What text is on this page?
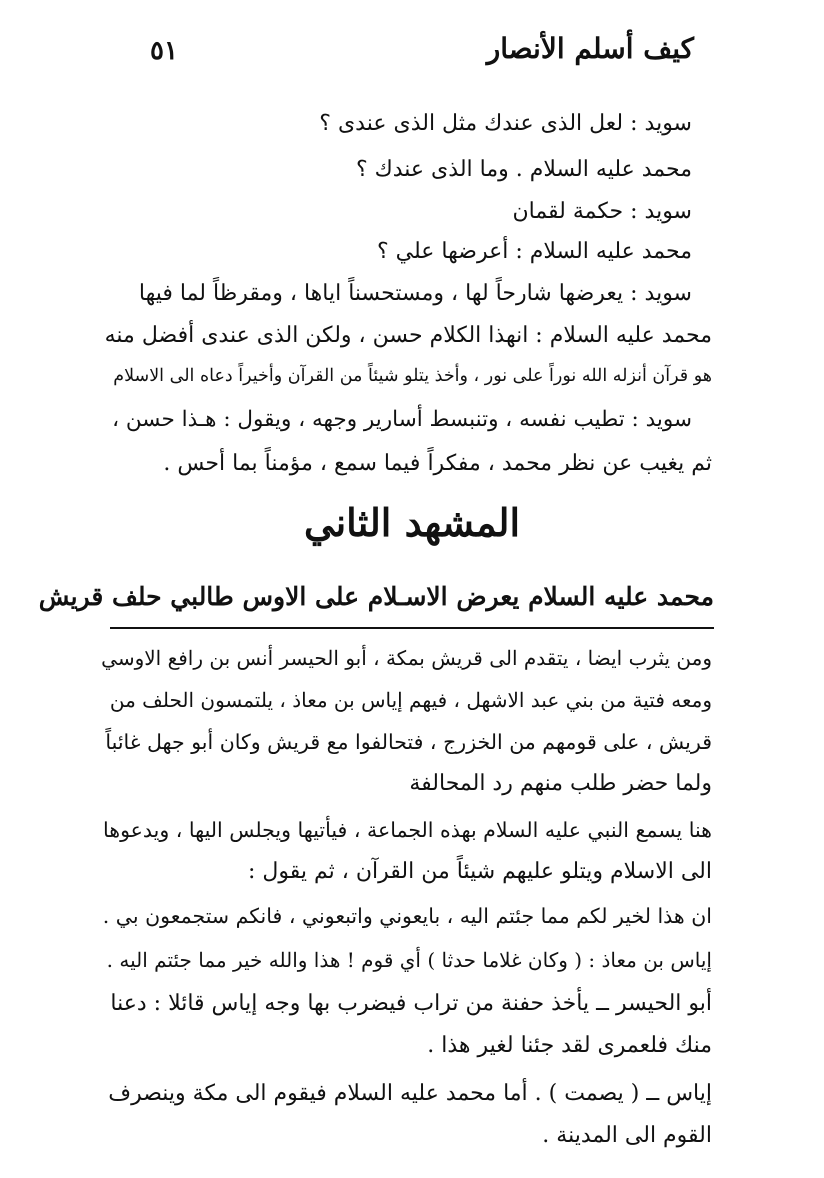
٥١	كيف أسلم الأنصار
سويد : لعل الذى عندك مثل الذى عندى ؟
محمد عليه السلام . وما الذى عندك ؟
سويد : حكمة لقمان
محمد عليه السلام : أعرضها علي ؟
سويد : يعرضها شارحاً لها ، ومستحسناً اياها ، ومقرظاً لما فيها
محمد عليه السلام : انهذا الكلام حسن ، ولكن الذى عندى أفضل منه
هو قرآن أنزله الله نوراً على نور ، وأخذ يتلو شيئاً من القرآن وأخيراً دعاه الى الاسلام
سويد : تطيب نفسه ، وتنبسط أسارير وجهه ، ويقول : هـذا حسن ،
ثم يغيب عن نظر محمد ، مفكراً فيما سمع ، مؤمناً بما أحس .
المشهد الثاني
محمد عليه السلام يعرض الاسـلام على الاوس طالبي حلف قريش
ومن يثرب ايضا ، يتقدم الى قريش بمكة ، أبو الحيسر أنس بن رافع الاوسي
ومعه فتية من بني عبد الاشهل ، فيهم إياس بن معاذ ، يلتمسون الحلف من
قريش ، على قومهم من الخزرج ، فتحالفوا مع قريش وكان أبو جهل غائباً
ولما حضر طلب منهم رد المحالفة
هنا يسمع النبي عليه السلام بهذه الجماعة ، فيأتيها ويجلس اليها ، ويدعوها
الى الاسلام ويتلو عليهم شيئاً من القرآن ، ثم يقول :
ان هذا لخير لكم مما جئتم اليه ، بايعوني واتبعوني ، فانكم ستجمعون بي .
إياس بن معاذ : ( وكان غلاما حدثا ) أي قوم ! هذا والله خير مما جئتم اليه .
أبو الحيسر ــ يأخذ حفنة من تراب فيضرب بها وجه إياس قائلا : دعنا
منك فلعمرى لقد جئنا لغير هذا .
إياس ــ ( يصمت ) . أما محمد عليه السلام فيقوم الى مكة وينصرف
القوم الى المدينة .
